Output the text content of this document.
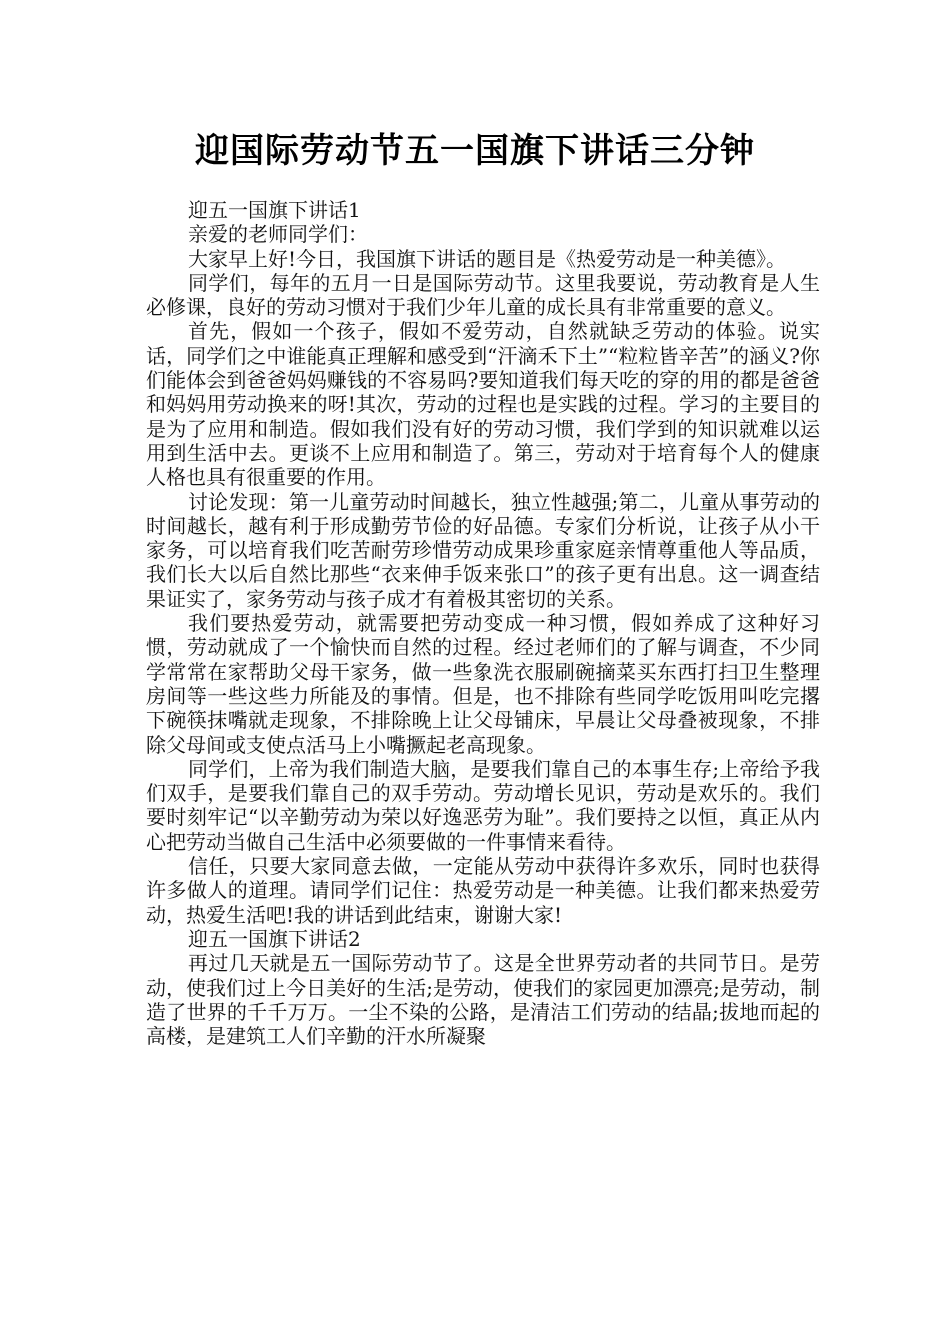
迎国际劳动节五一国旗下讲话三分钟

迎五一国旗下讲话1

亲爱的老师同学们：

大家早上好!今日，我国旗下讲话的题目是《热爱劳动是一种美德》。

同学们，每年的五月一日是国际劳动节。这里我要说，劳动教育是人生必修课，良好的劳动习惯对于我们少年儿童的成长具有非常重要的意义。

首先，假如一个孩子，假如不爱劳动，自然就缺乏劳动的体验。说实话，同学们之中谁能真正理解和感受到“汗滴禾下土”“粒粒皆辛苦”的涵义?你们能体会到爸爸妈妈赚钱的不容易吗?要知道我们每天吃的穿的用的都是爸爸和妈妈用劳动换来的呀!其次，劳动的过程也是实践的过程。学习的主要目的是为了应用和制造。假如我们没有好的劳动习惯，我们学到的知识就难以运用到生活中去。更谈不上应用和制造了。第三，劳动对于培育每个人的健康人格也具有很重要的作用。

讨论发现：第一儿童劳动时间越长，独立性越强;第二，儿童从事劳动的时间越长，越有利于形成勤劳节俭的好品德。专家们分析说，让孩子从小干家务，可以培育我们吃苦耐劳珍惜劳动成果珍重家庭亲情尊重他人等品质，我们长大以后自然比那些“衣来伸手饭来张口”的孩子更有出息。这一调查结果证实了，家务劳动与孩子成才有着极其密切的关系。

我们要热爱劳动，就需要把劳动变成一种习惯，假如养成了这种好习惯，劳动就成了一个愉快而自然的过程。经过老师们的了解与调查，不少同学常常在家帮助父母干家务，做一些象洗衣服刷碗摘菜买东西打扫卫生整理房间等一些这些力所能及的事情。但是，也不排除有些同学吃饭用叫吃完撂下碗筷抹嘴就走现象，不排除晚上让父母铺床，早晨让父母叠被现象，不排除父母间或支使点活马上小嘴撅起老高现象。

同学们，上帝为我们制造大脑，是要我们靠自己的本事生存;上帝给予我们双手，是要我们靠自己的双手劳动。劳动增长见识，劳动是欢乐的。我们要时刻牢记“以辛勤劳动为荣以好逸恶劳为耻”。我们要持之以恒，真正从内心把劳动当做自己生活中必须要做的一件事情来看待。

信任，只要大家同意去做，一定能从劳动中获得许多欢乐，同时也获得许多做人的道理。请同学们记住：热爱劳动是一种美德。让我们都来热爱劳动，热爱生活吧!我的讲话到此结束，谢谢大家!

迎五一国旗下讲话2

再过几天就是五一国际劳动节了。这是全世界劳动者的共同节日。是劳动，使我们过上今日美好的生活;是劳动，使我们的家园更加漂亮;是劳动，制造了世界的千千万万。一尘不染的公路，是清洁工们劳动的结晶;拔地而起的高楼，是建筑工人们辛勤的汗水所凝聚
